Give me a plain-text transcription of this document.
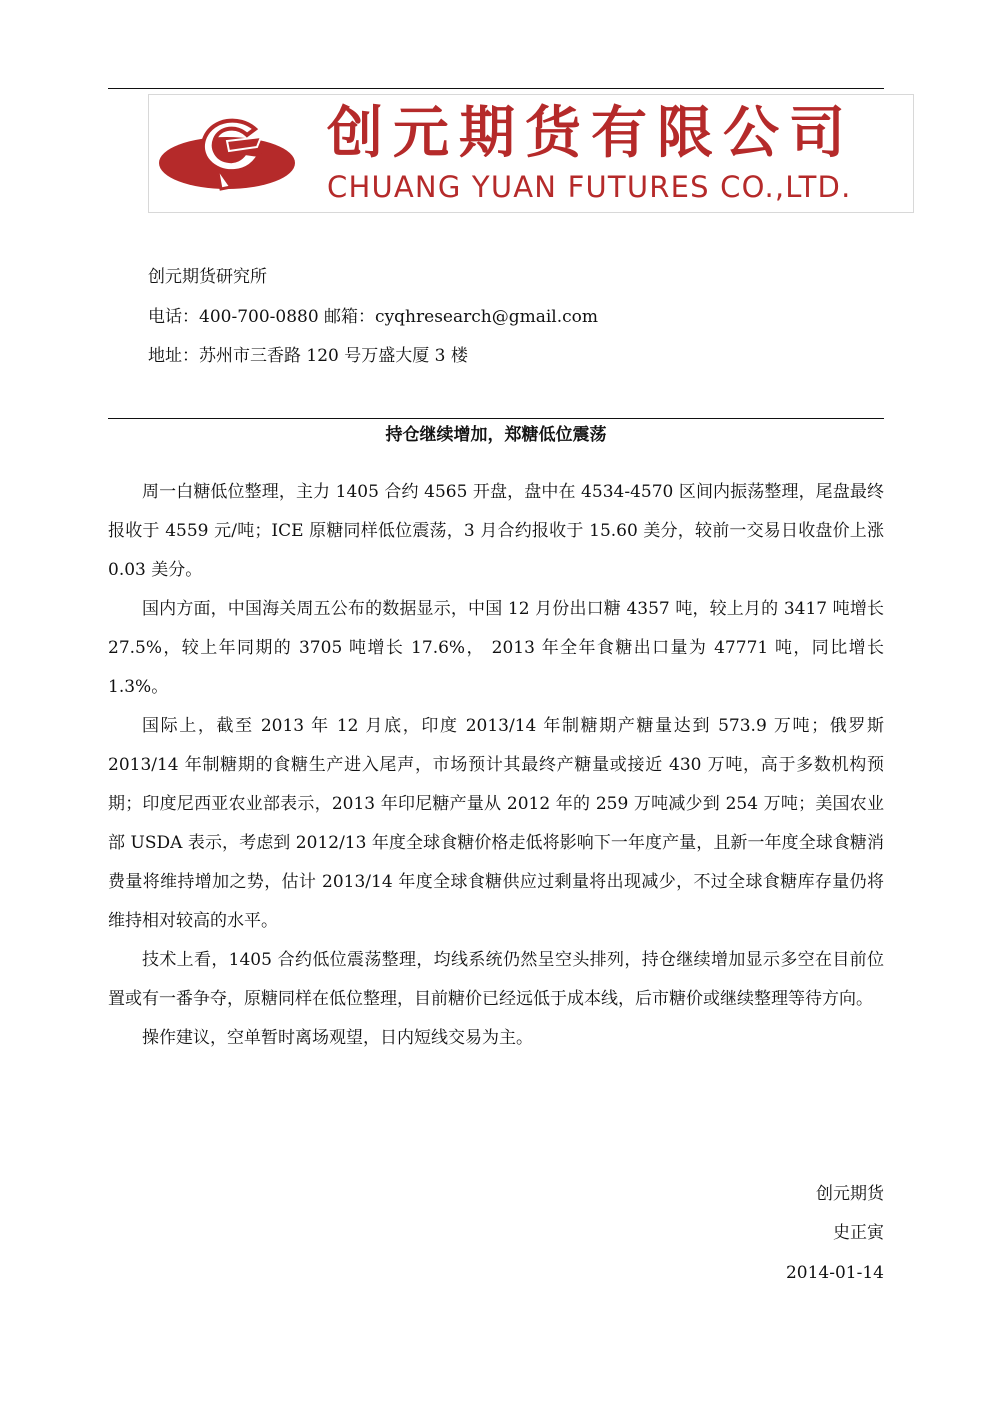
创元期货有限公司
CHUANG YUAN FUTURES CO.,LTD.
创元期货研究所
电话：400-700-0880 邮箱：cyqhresearch@gmail.com
地址：苏州市三香路 120 号万盛大厦 3 楼
持仓继续增加，郑糖低位震荡

周一白糖低位整理，主力 1405 合约 4565 开盘，盘中在 4534-4570 区间内振荡整理，尾盘最终报收于 4559 元/吨；ICE 原糖同样低位震荡，3 月合约报收于 15.60 美分，较前一交易日收盘价上涨 0.03 美分。

国内方面，中国海关周五公布的数据显示，中国 12 月份出口糖 4357 吨，较上月的 3417 吨增长 27.5%，较上年同期的 3705 吨增长 17.6%， 2013 年全年食糖出口量为 47771 吨，同比增长 1.3%。

国际上，截至 2013 年 12 月底，印度 2013/14 年制糖期产糖量达到 573.9 万吨；俄罗斯 2013/14 年制糖期的食糖生产进入尾声，市场预计其最终产糖量或接近 430 万吨，高于多数机构预期；印度尼西亚农业部表示，2013 年印尼糖产量从 2012 年的 259 万吨减少到 254 万吨；美国农业部 USDA 表示，考虑到 2012/13 年度全球食糖价格走低将影响下一年度产量，且新一年度全球食糖消费量将维持增加之势，估计 2013/14 年度全球食糖供应过剩量将出现减少，不过全球食糖库存量仍将维持相对较高的水平。

技术上看，1405 合约低位震荡整理，均线系统仍然呈空头排列，持仓继续增加显示多空在目前位置或有一番争夺，原糖同样在低位整理，目前糖价已经远低于成本线，后市糖价或继续整理等待方向。

操作建议，空单暂时离场观望，日内短线交易为主。

创元期货
史正寅
2014-01-14
